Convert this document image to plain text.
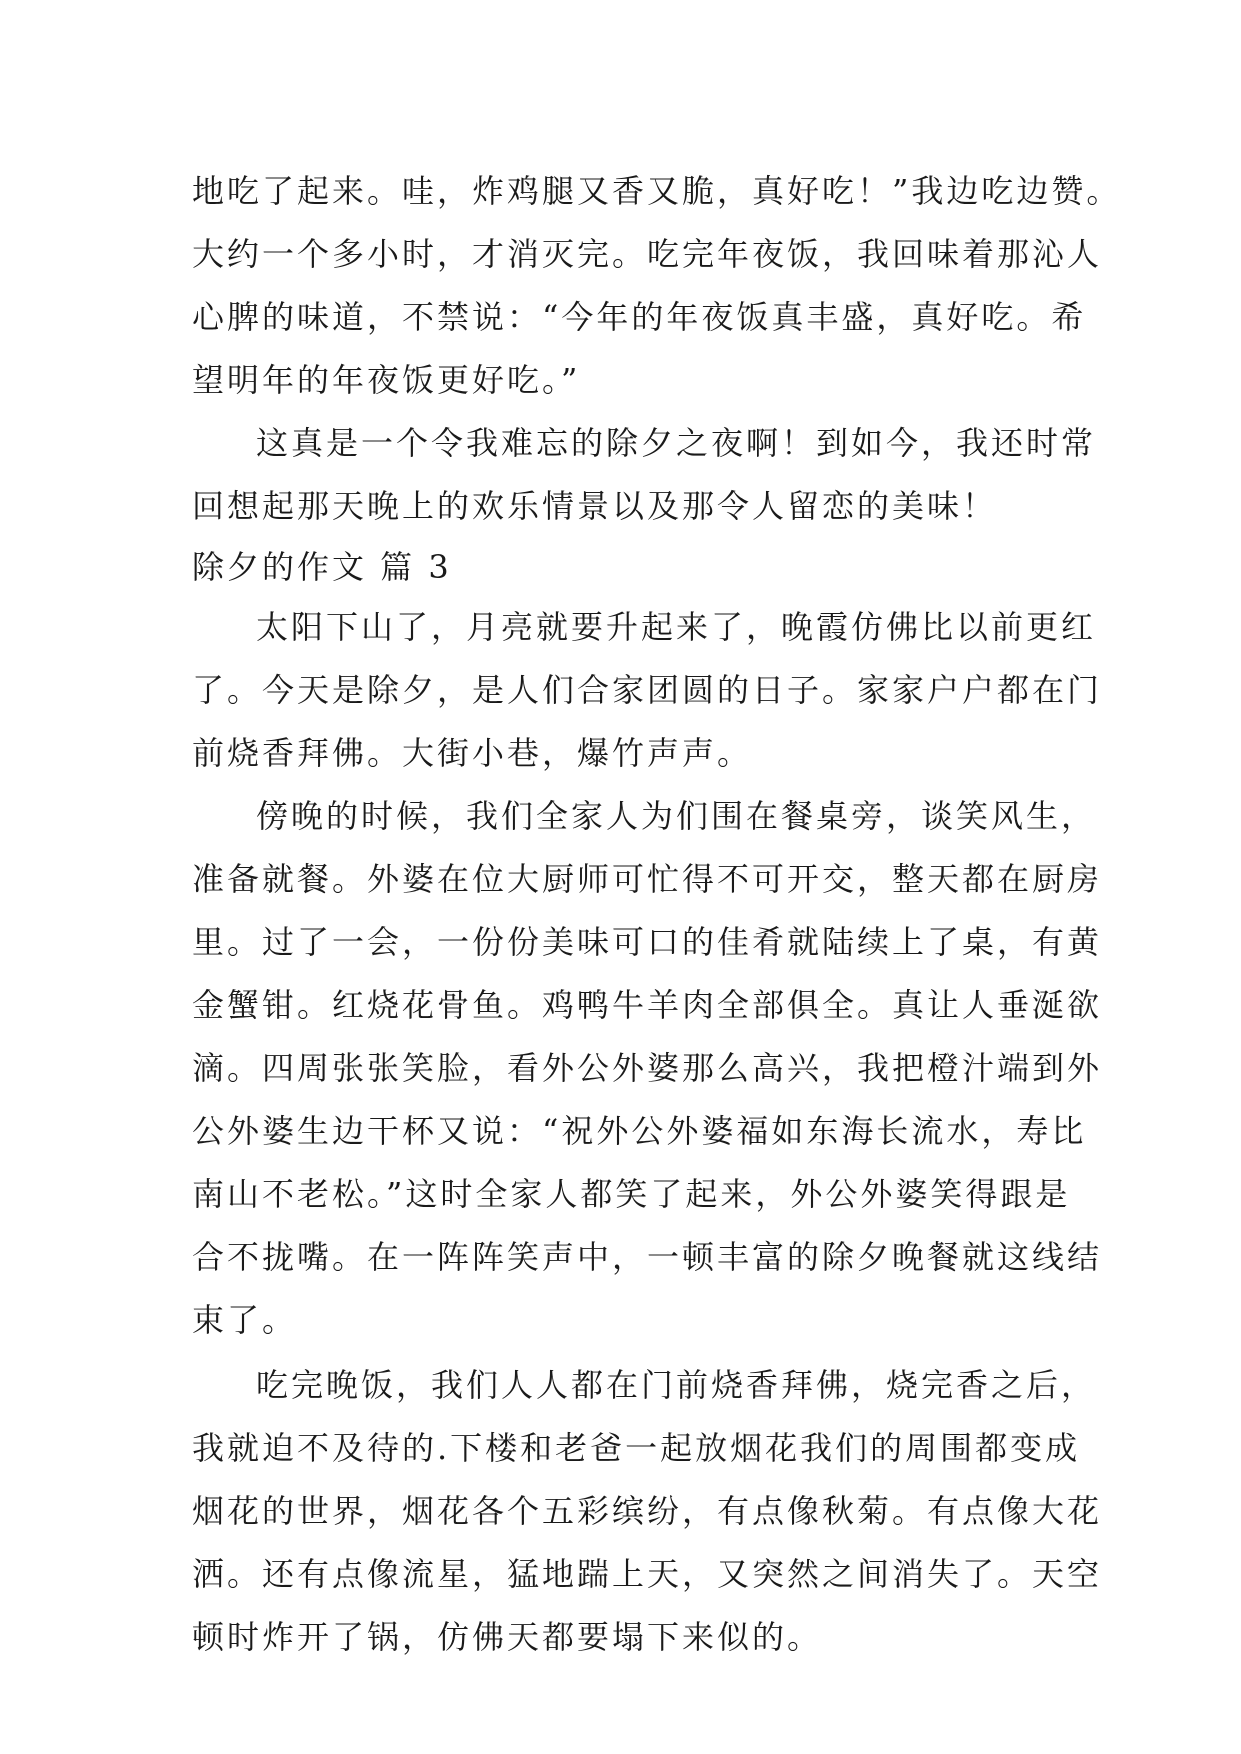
地吃了起来。哇，炸鸡腿又香又脆，真好吃！”我边吃边赞。
大约一个多小时，才消灭完。吃完年夜饭，我回味着那沁人
心脾的味道，不禁说：“今年的年夜饭真丰盛，真好吃。希
望明年的年夜饭更好吃。”
这真是一个令我难忘的除夕之夜啊！到如今，我还时常
回想起那天晚上的欢乐情景以及那令人留恋的美味！
除夕的作文 篇 3
太阳下山了，月亮就要升起来了，晚霞仿佛比以前更红
了。今天是除夕，是人们合家团圆的日子。家家户户都在门
前烧香拜佛。大街小巷，爆竹声声。
傍晚的时候，我们全家人为们围在餐桌旁，谈笑风生，
准备就餐。外婆在位大厨师可忙得不可开交，整天都在厨房
里。过了一会，一份份美味可口的佳肴就陆续上了桌，有黄
金蟹钳。红烧花骨鱼。鸡鸭牛羊肉全部俱全。真让人垂涎欲
滴。四周张张笑脸，看外公外婆那么高兴，我把橙汁端到外
公外婆生边干杯又说：“祝外公外婆福如东海长流水，寿比
南山不老松。”这时全家人都笑了起来，外公外婆笑得跟是
合不拢嘴。在一阵阵笑声中，一顿丰富的除夕晚餐就这线结
束了。
吃完晚饭，我们人人都在门前烧香拜佛，烧完香之后，
我就迫不及待的.下楼和老爸一起放烟花我们的周围都变成
烟花的世界，烟花各个五彩缤纷，有点像秋菊。有点像大花
洒。还有点像流星，猛地踹上天，又突然之间消失了。天空
顿时炸开了锅，仿佛天都要塌下来似的。
